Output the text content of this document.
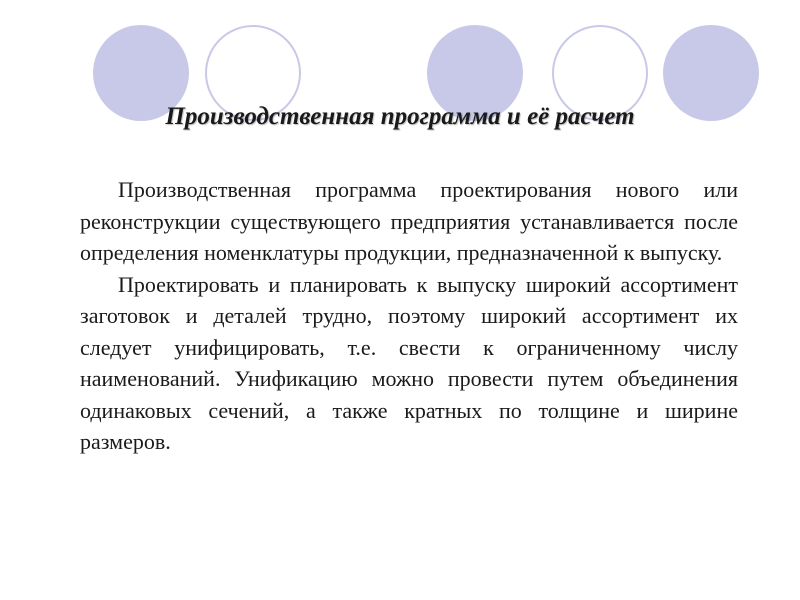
Производственная программа и её расчет

Производственная программа проектирования нового или реконструкции существующего предприятия устанавливается после определения номенклатуры продукции, предназначенной к выпуску.

Проектировать и планировать к выпуску широкий ассортимент заготовок и деталей трудно, поэтому широкий ассортимент их следует унифицировать, т.е. свести к ограниченному числу наименований. Унификацию можно провести путем объединения одинаковых сечений, а также кратных по толщине и ширине размеров.
